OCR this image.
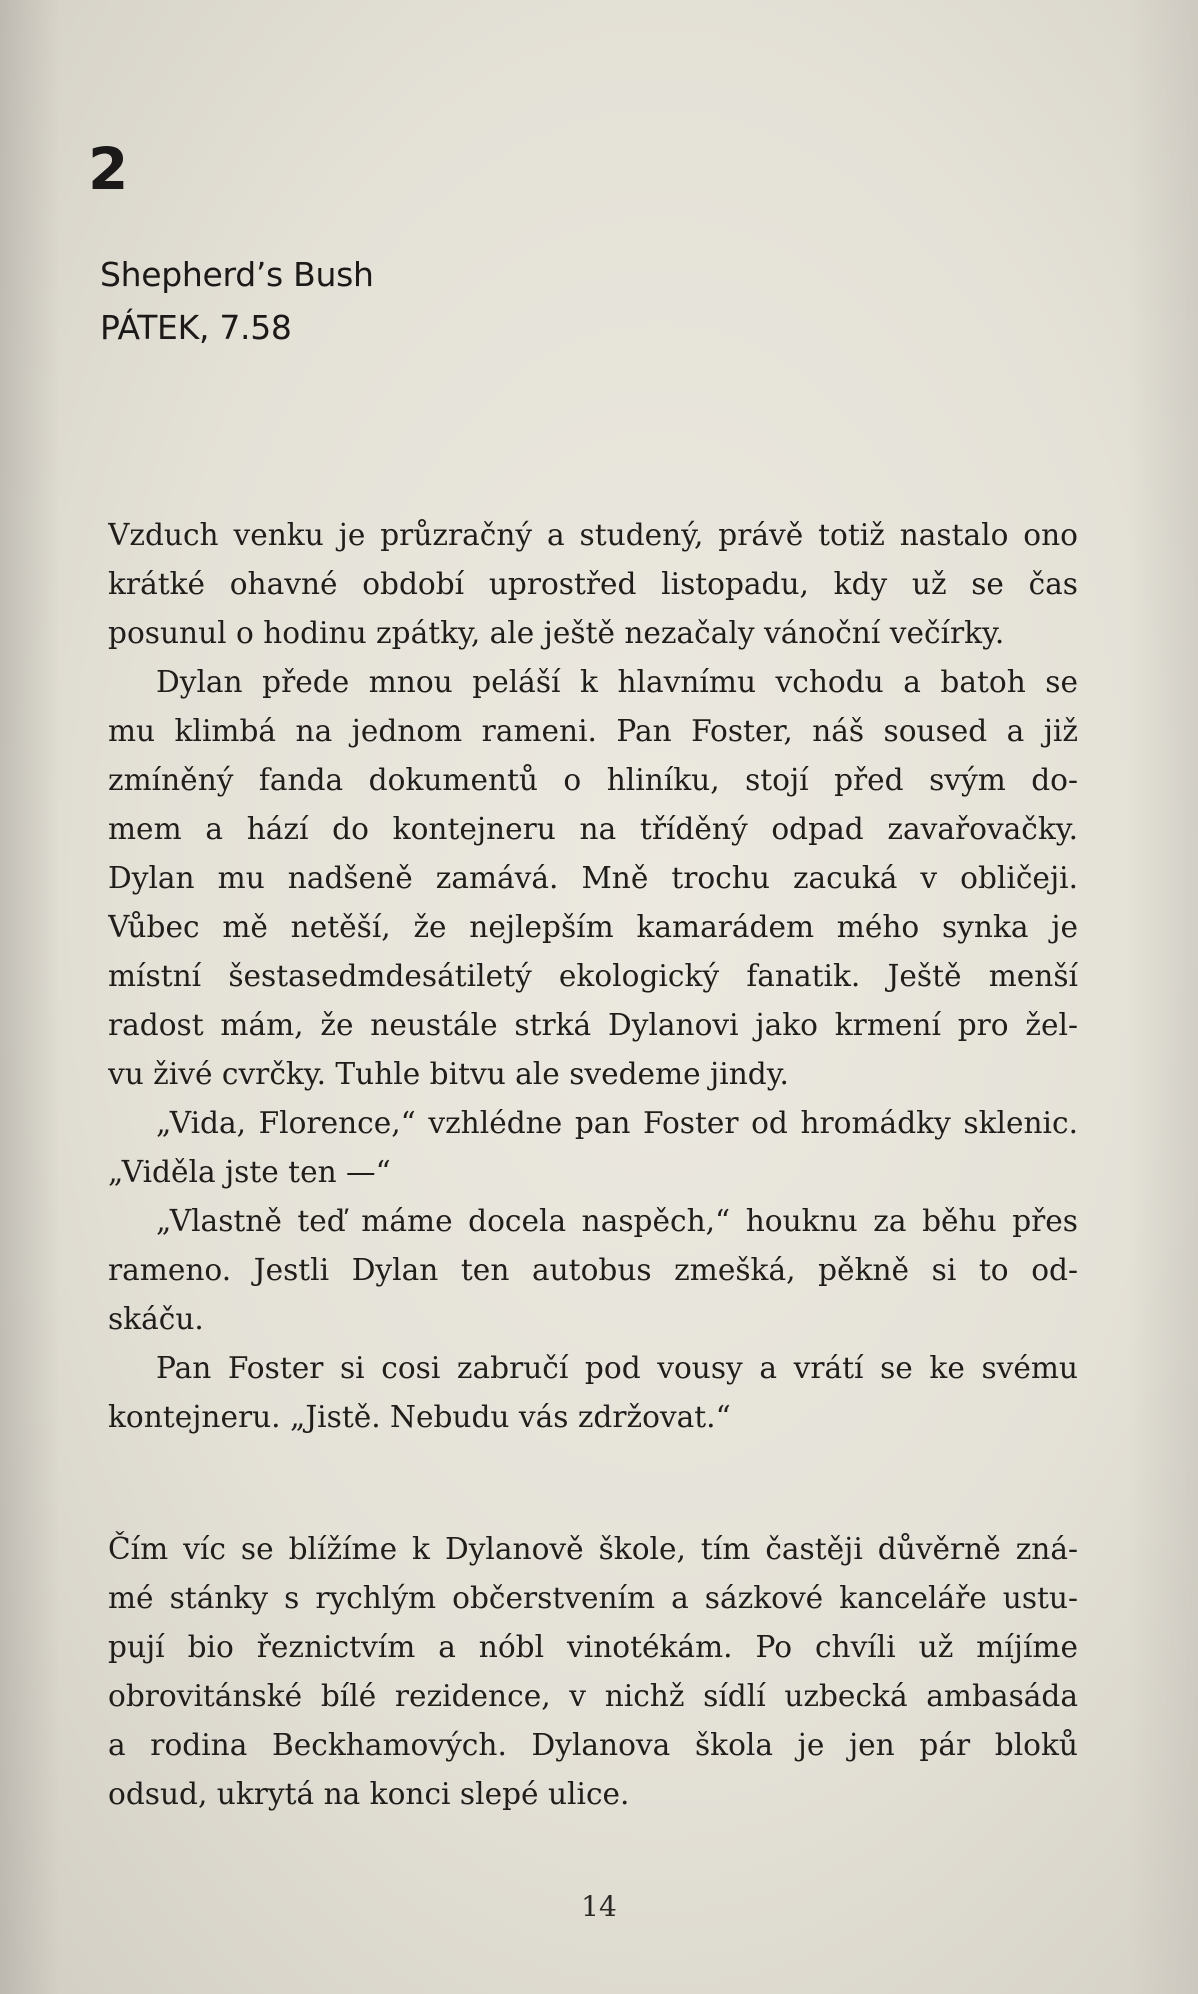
2
Shepherd’s Bush
PÁTEK, 7.58
Vzduch venku je průzračný a studený, právě totiž nastalo ono
krátké ohavné období uprostřed listopadu, kdy už se čas
posunul o hodinu zpátky, ale ještě nezačaly vánoční večírky.
Dylan přede mnou peláší k hlavnímu vchodu a batoh se
mu klimbá na jednom rameni. Pan Foster, náš soused a již
zmíněný fanda dokumentů o hliníku, stojí před svým do-
mem a hází do kontejneru na tříděný odpad zavařovačky.
Dylan mu nadšeně zamává. Mně trochu zacuká v obličeji.
Vůbec mě netěší, že nejlepším kamarádem mého synka je
místní šestasedmdesátiletý ekologický fanatik. Ještě menší
radost mám, že neustále strká Dylanovi jako krmení pro žel-
vu živé cvrčky. Tuhle bitvu ale svedeme jindy.
„Vida, Florence,“ vzhlédne pan Foster od hromádky sklenic.
„Viděla jste ten —“
„Vlastně teď máme docela naspěch,“ houknu za běhu přes
rameno. Jestli Dylan ten autobus zmešká, pěkně si to od-
skáču.
Pan Foster si cosi zabručí pod vousy a vrátí se ke svému
kontejneru. „Jistě. Nebudu vás zdržovat.“
Čím víc se blížíme k Dylanově škole, tím častěji důvěrně zná-
mé stánky s rychlým občerstvením a sázkové kanceláře ustu-
pují bio řeznictvím a nóbl vinotékám. Po chvíli už míjíme
obrovitánské bílé rezidence, v nichž sídlí uzbecká ambasáda
a rodina Beckhamových. Dylanova škola je jen pár bloků
odsud, ukrytá na konci slepé ulice.
14
